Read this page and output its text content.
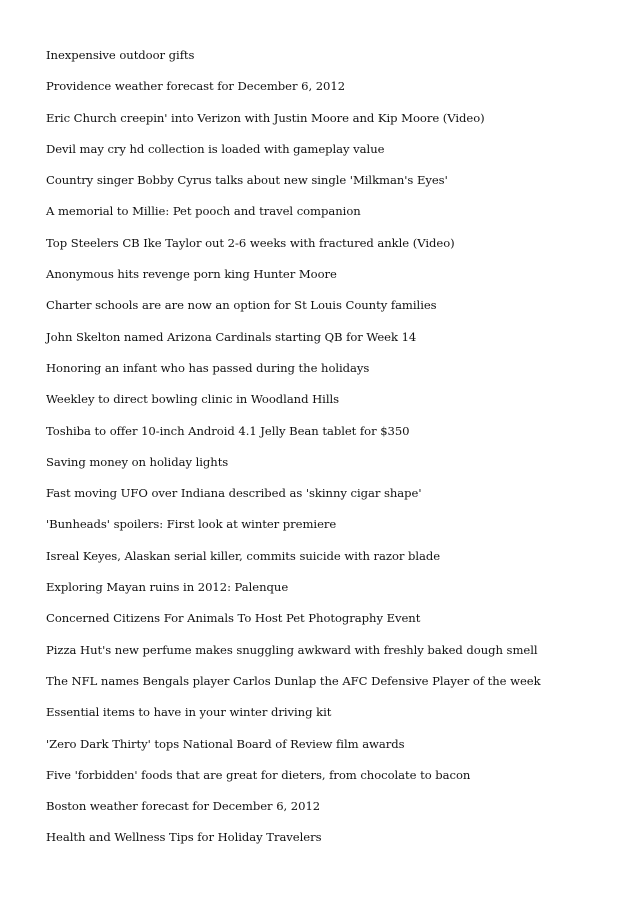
Inexpensive outdoor gifts
Providence weather forecast for December 6, 2012
Eric Church creepin' into Verizon with Justin Moore and Kip Moore (Video)
Devil may cry hd collection is loaded with gameplay value
Country singer Bobby Cyrus talks about new single 'Milkman's Eyes'
A memorial to Millie: Pet pooch and travel companion
Top Steelers CB Ike Taylor out 2-6 weeks with fractured ankle (Video)
Anonymous hits revenge porn king Hunter Moore
Charter schools are are now an option for St Louis County families
John Skelton named Arizona Cardinals starting QB for Week 14
Honoring an infant who has passed during the holidays
Weekley to direct bowling clinic in Woodland Hills
Toshiba to offer 10-inch Android 4.1 Jelly Bean tablet for $350
Saving money on holiday lights
Fast moving UFO over Indiana described as 'skinny cigar shape'
'Bunheads' spoilers: First look at winter premiere
Isreal Keyes, Alaskan serial killer, commits suicide with razor blade
Exploring Mayan ruins in 2012: Palenque
Concerned Citizens For Animals To Host Pet Photography Event
Pizza Hut's new perfume makes snuggling awkward with freshly baked dough smell
The NFL names Bengals player Carlos Dunlap the AFC Defensive Player of the week
Essential items to have in your winter driving kit
'Zero Dark Thirty' tops National Board of Review film awards
Five 'forbidden' foods that are great for dieters, from chocolate to bacon
Boston weather forecast for December 6, 2012
Health and Wellness Tips for Holiday Travelers
